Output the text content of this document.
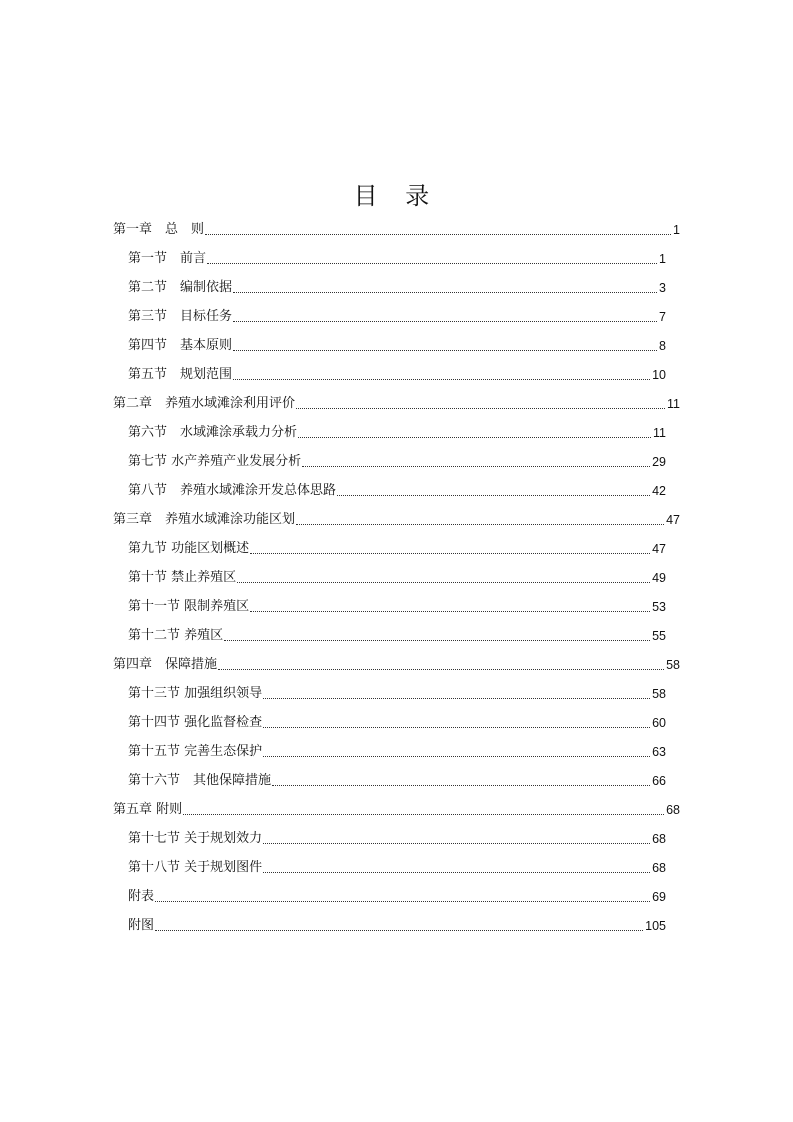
目 录
第一章　总　则	1
第一节　前言	1
第二节　编制依据	3
第三节　目标任务	7
第四节　基本原则	8
第五节　规划范围	10
第二章　养殖水域滩涂利用评价	11
第六节　水域滩涂承载力分析	11
第七节 水产养殖产业发展分析	29
第八节　养殖水域滩涂开发总体思路	42
第三章　养殖水域滩涂功能区划	47
第九节 功能区划概述	47
第十节 禁止养殖区	49
第十一节 限制养殖区	53
第十二节 养殖区	55
第四章　保障措施	58
第十三节 加强组织领导	58
第十四节 强化监督检查	60
第十五节 完善生态保护	63
第十六节　其他保障措施	66
第五章 附则	68
第十七节 关于规划效力	68
第十八节 关于规划图件	68
附表	69
附图	105
